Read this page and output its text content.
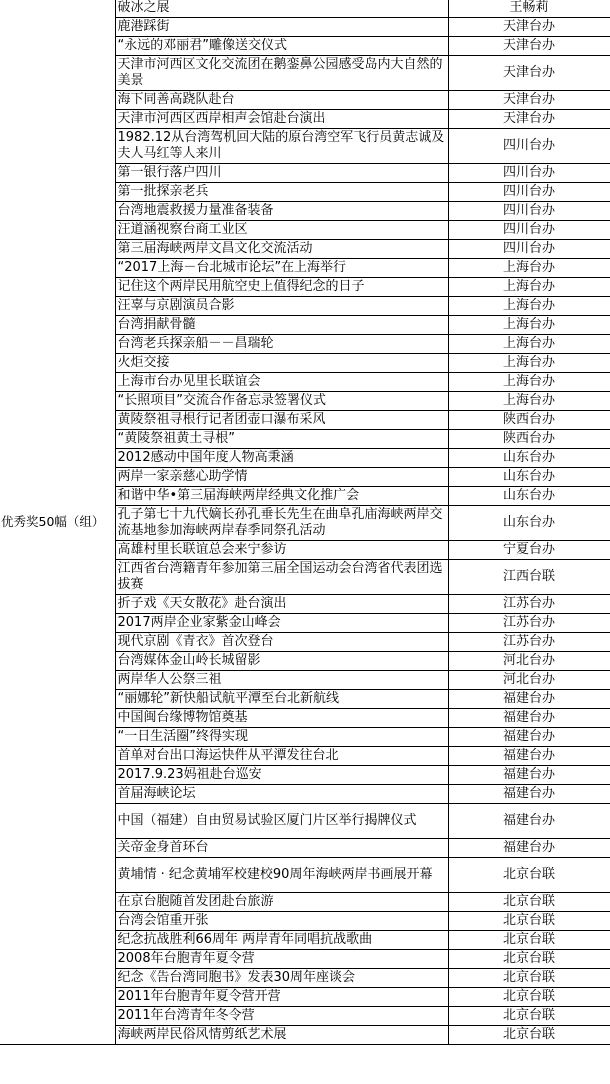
优秀奖50幅（组）	破冰之展	王畅莉
	鹿港踩街	天津台办
	“永远的邓丽君”雕像送交仪式	天津台办
	天津市河西区文化交流团在鹅銮鼻公园感受岛内大自然的美景	天津台办
	海下同善高跷队赴台	天津台办
	天津市河西区西岸相声会馆赴台演出	天津台办
	1982.12从台湾驾机回大陆的原台湾空军飞行员黄志诚及夫人马红等人来川	四川台办
	第一银行落户四川	四川台办
	第一批探亲老兵	四川台办
	台湾地震救援力量准备装备	四川台办
	汪道涵视察台商工业区	四川台办
	第三届海峡两岸文昌文化交流活动	四川台办
	“2017上海－台北城市论坛”在上海举行	上海台办
	记住这个两岸民用航空史上值得纪念的日子	上海台办
	汪辜与京剧演员合影	上海台办
	台湾捐献骨髓	上海台办
	台湾老兵探亲船－－昌瑞轮	上海台办
	火炬交接	上海台办
	上海市台办见里长联谊会	上海台办
	“长照项目”交流合作备忘录签署仪式	上海台办
	黄陵祭祖寻根行记者团壶口瀑布采风	陕西台办
	“黄陵祭祖黄土寻根”	陕西台办
	2012感动中国年度人物高秉涵	山东台办
	两岸一家亲慈心助学情	山东台办
	和谐中华•第三届海峡两岸经典文化推广会	山东台办
	孔子第七十九代嫡长孙孔垂长先生在曲阜孔庙海峡两岸交流基地参加海峡两岸春季同祭孔活动	山东台办
	高雄村里长联谊总会来宁参访	宁夏台办
	江西省台湾籍青年参加第三届全国运动会台湾省代表团选拔赛	江西台联
	折子戏《天女散花》赴台演出	江苏台办
	2017两岸企业家紫金山峰会	江苏台办
	现代京剧《青衣》首次登台	江苏台办
	台湾媒体金山岭长城留影	河北台办
	两岸华人公祭三祖	河北台办
	“丽娜轮”新快船试航平潭至台北新航线	福建台办
	中国闽台缘博物馆奠基	福建台办
	“一日生活圈”终得实现	福建台办
	首单对台出口海运快件从平潭发往台北	福建台办
	2017.9.23妈祖赴台巡安	福建台办
	首届海峡论坛	福建台办
	中国（福建）自由贸易试验区厦门片区举行揭牌仪式	福建台办
	关帝金身首环台	福建台办
	黄埔情 · 纪念黄埔军校建校90周年海峡两岸书画展开幕	北京台联
	在京台胞随首发团赴台旅游	北京台联
	台湾会馆重开张	北京台联
	纪念抗战胜利66周年 两岸青年同唱抗战歌曲	北京台联
	2008年台胞青年夏令营	北京台联
	纪念《告台湾同胞书》发表30周年座谈会	北京台联
	2011年台胞青年夏令营开营	北京台联
	2011年台湾青年冬令营	北京台联
	海峡两岸民俗风情剪纸艺术展	北京台联
